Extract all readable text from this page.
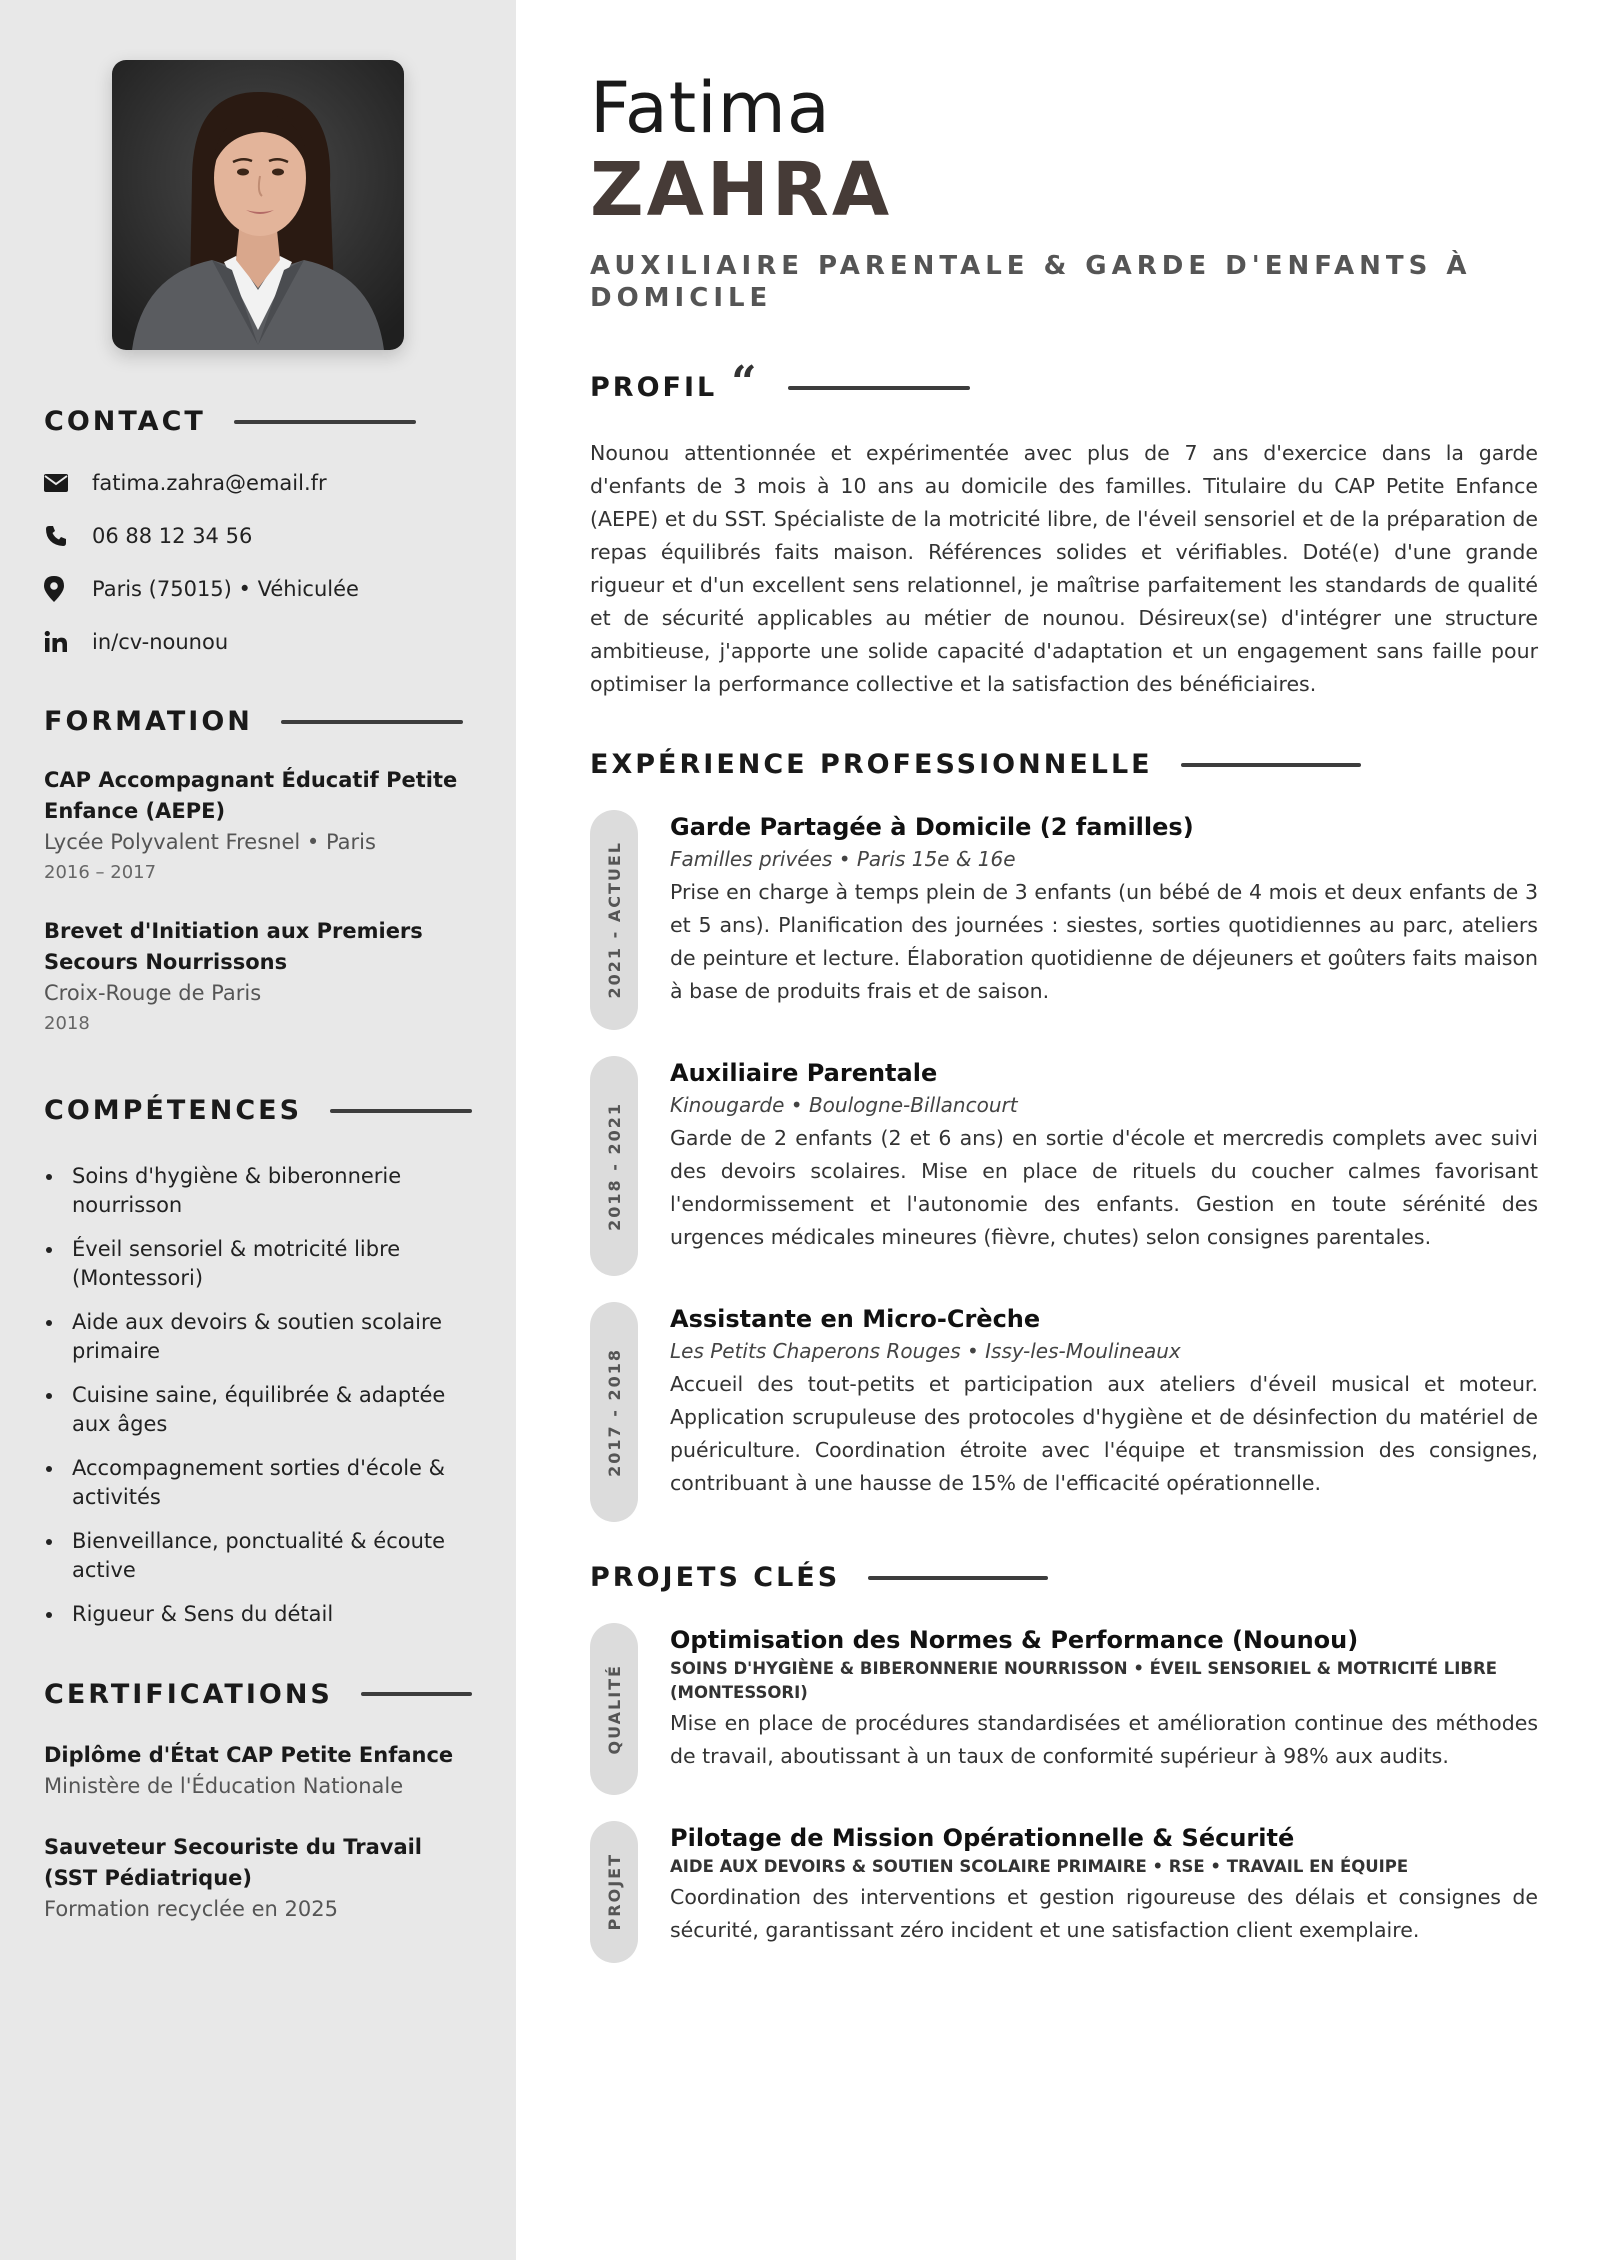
CONTACT
fatima.zahra@email.fr
06 88 12 34 56
Paris (75015) • Véhiculée
in/cv-nounou
FORMATION
CAP Accompagnant Éducatif Petite Enfance (AEPE)
Lycée Polyvalent Fresnel • Paris
2016 – 2017
Brevet d'Initiation aux Premiers Secours Nourrissons
Croix-Rouge de Paris
2018
COMPÉTENCES
Soins d'hygiène & biberonnerie nourrisson
Éveil sensoriel & motricité libre (Montessori)
Aide aux devoirs & soutien scolaire primaire
Cuisine saine, équilibrée & adaptée aux âges
Accompagnement sorties d'école & activités
Bienveillance, ponctualité & écoute active
Rigueur & Sens du détail
CERTIFICATIONS
Diplôme d'État CAP Petite Enfance
Ministère de l'Éducation Nationale
Sauveteur Secouriste du Travail (SST Pédiatrique)
Formation recyclée en 2025
Fatima
ZAHRA
AUXILIAIRE PARENTALE & GARDE D'ENFANTS À DOMICILE
PROFIL “

Nounou attentionnée et expérimentée avec plus de 7 ans d'exercice dans la garde d'enfants de 3 mois à 10 ans au domicile des familles. Titulaire du CAP Petite Enfance (AEPE) et du SST. Spécialiste de la motricité libre, de l'éveil sensoriel et de la préparation de repas équilibrés faits maison. Références solides et vérifiables. Doté(e) d'une grande rigueur et d'un excellent sens relationnel, je maîtrise parfaitement les standards de qualité et de sécurité applicables au métier de nounou. Désireux(se) d'intégrer une structure ambitieuse, j'apporte une solide capacité d'adaptation et un engagement sans faille pour optimiser la performance collective et la satisfaction des bénéficiaires.

EXPÉRIENCE PROFESSIONNELLE
2021 - ACTUEL
Garde Partagée à Domicile (2 familles)
Familles privées • Paris 15e & 16e
Prise en charge à temps plein de 3 enfants (un bébé de 4 mois et deux enfants de 3 et 5 ans). Planification des journées : siestes, sorties quotidiennes au parc, ateliers de peinture et lecture. Élaboration quotidienne de déjeuners et goûters faits maison à base de produits frais et de saison.
2018 - 2021
Auxiliaire Parentale
Kinougarde • Boulogne-Billancourt
Garde de 2 enfants (2 et 6 ans) en sortie d'école et mercredis complets avec suivi des devoirs scolaires. Mise en place de rituels du coucher calmes favorisant l'endormissement et l'autonomie des enfants. Gestion en toute sérénité des urgences médicales mineures (fièvre, chutes) selon consignes parentales.
2017 - 2018
Assistante en Micro-Crèche
Les Petits Chaperons Rouges • Issy-les-Moulineaux
Accueil des tout-petits et participation aux ateliers d'éveil musical et moteur. Application scrupuleuse des protocoles d'hygiène et de désinfection du matériel de puériculture. Coordination étroite avec l'équipe et transmission des consignes, contribuant à une hausse de 15% de l'efficacité opérationnelle.
PROJETS CLÉS
QUALITÉ
Optimisation des Normes & Performance (Nounou)
SOINS D'HYGIÈNE & BIBERONNERIE NOURRISSON • ÉVEIL SENSORIEL & MOTRICITÉ LIBRE (MONTESSORI)
Mise en place de procédures standardisées et amélioration continue des méthodes de travail, aboutissant à un taux de conformité supérieur à 98% aux audits.
PROJET
Pilotage de Mission Opérationnelle & Sécurité
AIDE AUX DEVOIRS & SOUTIEN SCOLAIRE PRIMAIRE • RSE • TRAVAIL EN ÉQUIPE
Coordination des interventions et gestion rigoureuse des délais et consignes de sécurité, garantissant zéro incident et une satisfaction client exemplaire.
